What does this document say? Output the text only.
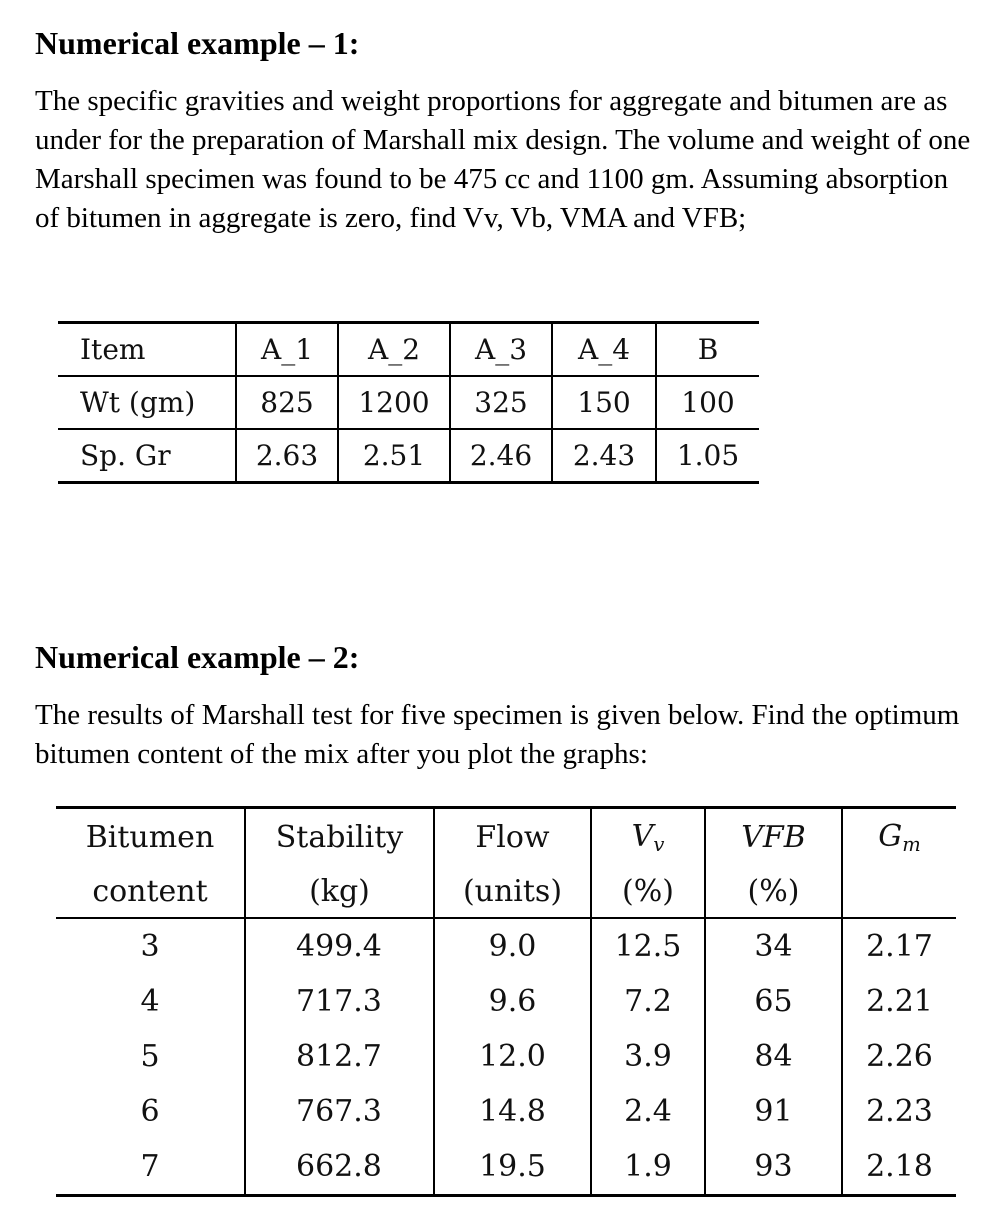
Numerical example – 1:

The specific gravities and weight proportions for aggregate and bitumen are as under for the preparation of Marshall mix design. The volume and weight of one Marshall specimen was found to be 475 cc and 1100 gm. Assuming absorption of bitumen in aggregate is zero, find Vv, Vb, VMA and VFB;

Item	A_1	A_2	A_3	A_4	B
Wt (gm)	825	1200	325	150	100
Sp. Gr	2.63	2.51	2.46	2.43	1.05
Numerical example – 2:

The results of Marshall test for five specimen is given below. Find the optimum bitumen content of the mix after you plot the graphs:

Bitumen	Stability	Flow	$V_v$	VFB	$G_m$
content	(kg)	(units)	(%)	(%)	
3	499.4	9.0	12.5	34	2.17
4	717.3	9.6	7.2	65	2.21
5	812.7	12.0	3.9	84	2.26
6	767.3	14.8	2.4	91	2.23
7	662.8	19.5	1.9	93	2.18
